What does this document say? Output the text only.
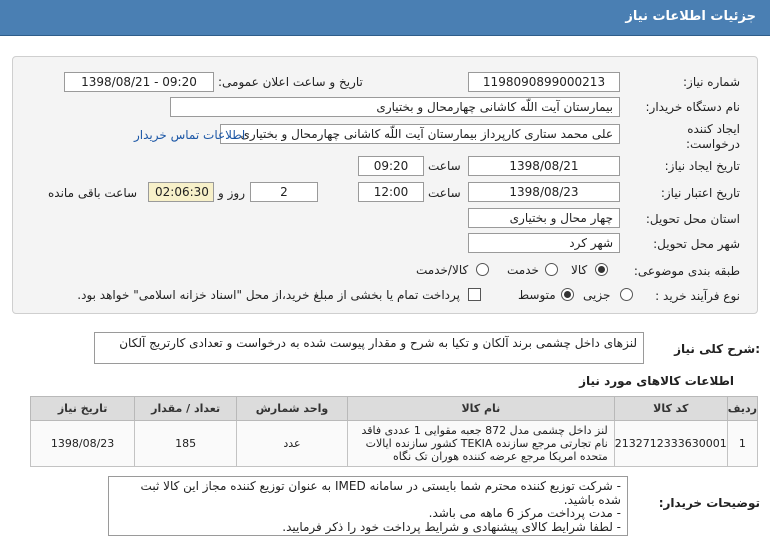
جزئیات اطلاعات نیاز
شماره نیاز:
1198090899000213
تاریخ و ساعت اعلان عمومی:
1398/08/21 - 09:20
نام دستگاه خریدار:
بیمارستان آیت اللّه کاشانی چهارمحال و بختیاری
ایجاد کننده درخواست:
علی محمد ستاری کارپرداز بیمارستان آیت اللّه کاشانی چهارمحال و بختیاری
اطلاعات تماس خریدار
تاریخ ایجاد نیاز:
1398/08/21
ساعت
09:20
تاریخ اعتبار نیاز:
1398/08/23
ساعت
12:00
2
روز و
02:06:30
ساعت باقی مانده
استان محل تحویل:
چهار محال و بختیاری
شهر محل تحویل:
شهر کرد
طبقه بندی موضوعی:
کالا
خدمت
کالا/خدمت
نوع فرآیند خرید :
جزیی
متوسط
پرداخت تمام یا بخشی از مبلغ خرید،از محل "اسناد خزانه اسلامی" خواهد بود.
شرح کلی نیاز:
لنزهای داخل چشمی برند آلکان و تکیا به شرح و مقدار پیوست شده به درخواست و تعدادی کارتریج آلکان
اطلاعات کالاهای مورد نیاز
ردیف	کد کالا	نام کالا	واحد شمارش	تعداد / مقدار	تاریخ نیاز
1	2132712333630001	لنز داخل چشمی مدل 872 جعبه مقوایی 1 عددی فاقد نام تجارتی مرجع سازنده TEKIA کشور سازنده ایالات متحده امریکا مرجع عرضه کننده هوران تک نگاه	عدد	185	1398/08/23
توضیحات خریدار:
- شرکت توزیع کننده محترم شما بایستی در سامانه IMED به عنوان توزیع کننده مجاز این کالا ثبت شده باشید.
- مدت پرداخت مرکز 6 ماهه می باشد.
- لطفا شرایط کالای پیشنهادی و شرایط پرداخت خود را ذکر فرمایید.
